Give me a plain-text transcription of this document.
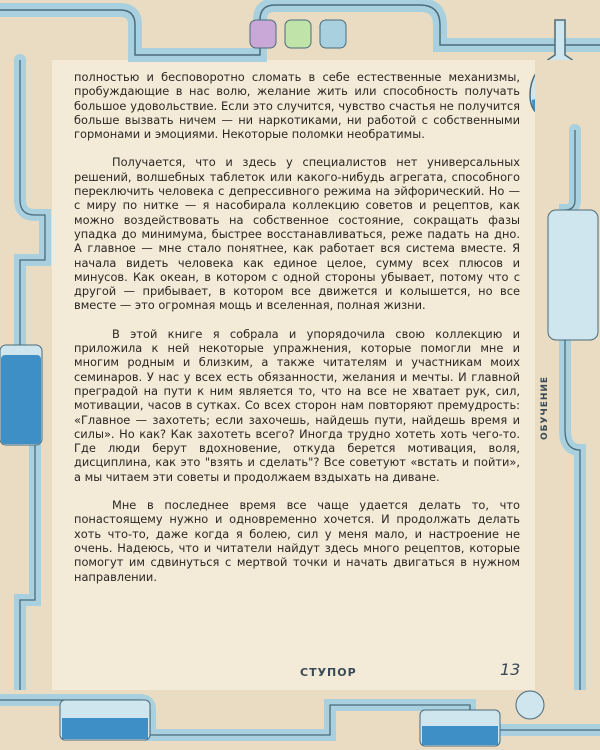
полностью и бесповоротно сломать в себе естественные механизмы, пробуждающие в нас волю, желание жить или способность получать большое удовольствие. Если это случится, чувство счастья не получится больше вызвать ничем — ни наркотиками, ни работой с собственными гормонами и эмоциями. Некоторые поломки необратимы.

Получается, что и здесь у специалистов нет универсальных решений, волшебных таблеток или какого-нибудь агрегата, способного переключить человека с депрессивного режима на эйфорический. Но — с миру по нитке — я насобирала коллекцию советов и рецептов, как можно воздействовать на собственное состояние, сокращать фазы упадка до минимума, быстрее восстанавливаться, реже падать на дно. А главное — мне стало понятнее, как работает вся система вместе. Я начала видеть человека как единое целое, сумму всех плюсов и минусов. Как океан, в котором с одной стороны убывает, потому что с другой — прибывает, в котором все движется и колышется, но все вместе — это огромная мощь и вселенная, полная жизни.

В этой книге я собрала и упорядочила свою коллекцию и приложила к ней некоторые упражнения, которые помогли мне и многим родным и близким, а также читателям и участникам моих семинаров. У нас у всех есть обязанности, желания и мечты. И главной преградой на пути к ним является то, что на все не хватает рук, сил, мотивации, часов в сутках. Со всех сторон нам повторяют премудрость: «Главное — захотеть; если захочешь, найдешь пути, найдешь время и силы». Но как? Как захотеть всего? Иногда трудно хотеть хоть чего-то. Где люди берут вдохновение, откуда берется мотивация, воля, дисциплина, как это "взять и сделать"? Все советуют «встать и пойти», а мы читаем эти советы и продолжаем вздыхать на диване.

Мне в последнее время все чаще удается делать то, что понастоящему нужно и одновременно хочется. И продолжать делать хоть что-то, даже когда я болею, сил у меня мало, и настроение не очень. Надеюсь, что и читатели найдут здесь много рецептов, которые помогут им сдвинуться с мертвой точки и начать двигаться в нужном направлении.

СТУПОР
ОБУЧЕНИЕ
13
